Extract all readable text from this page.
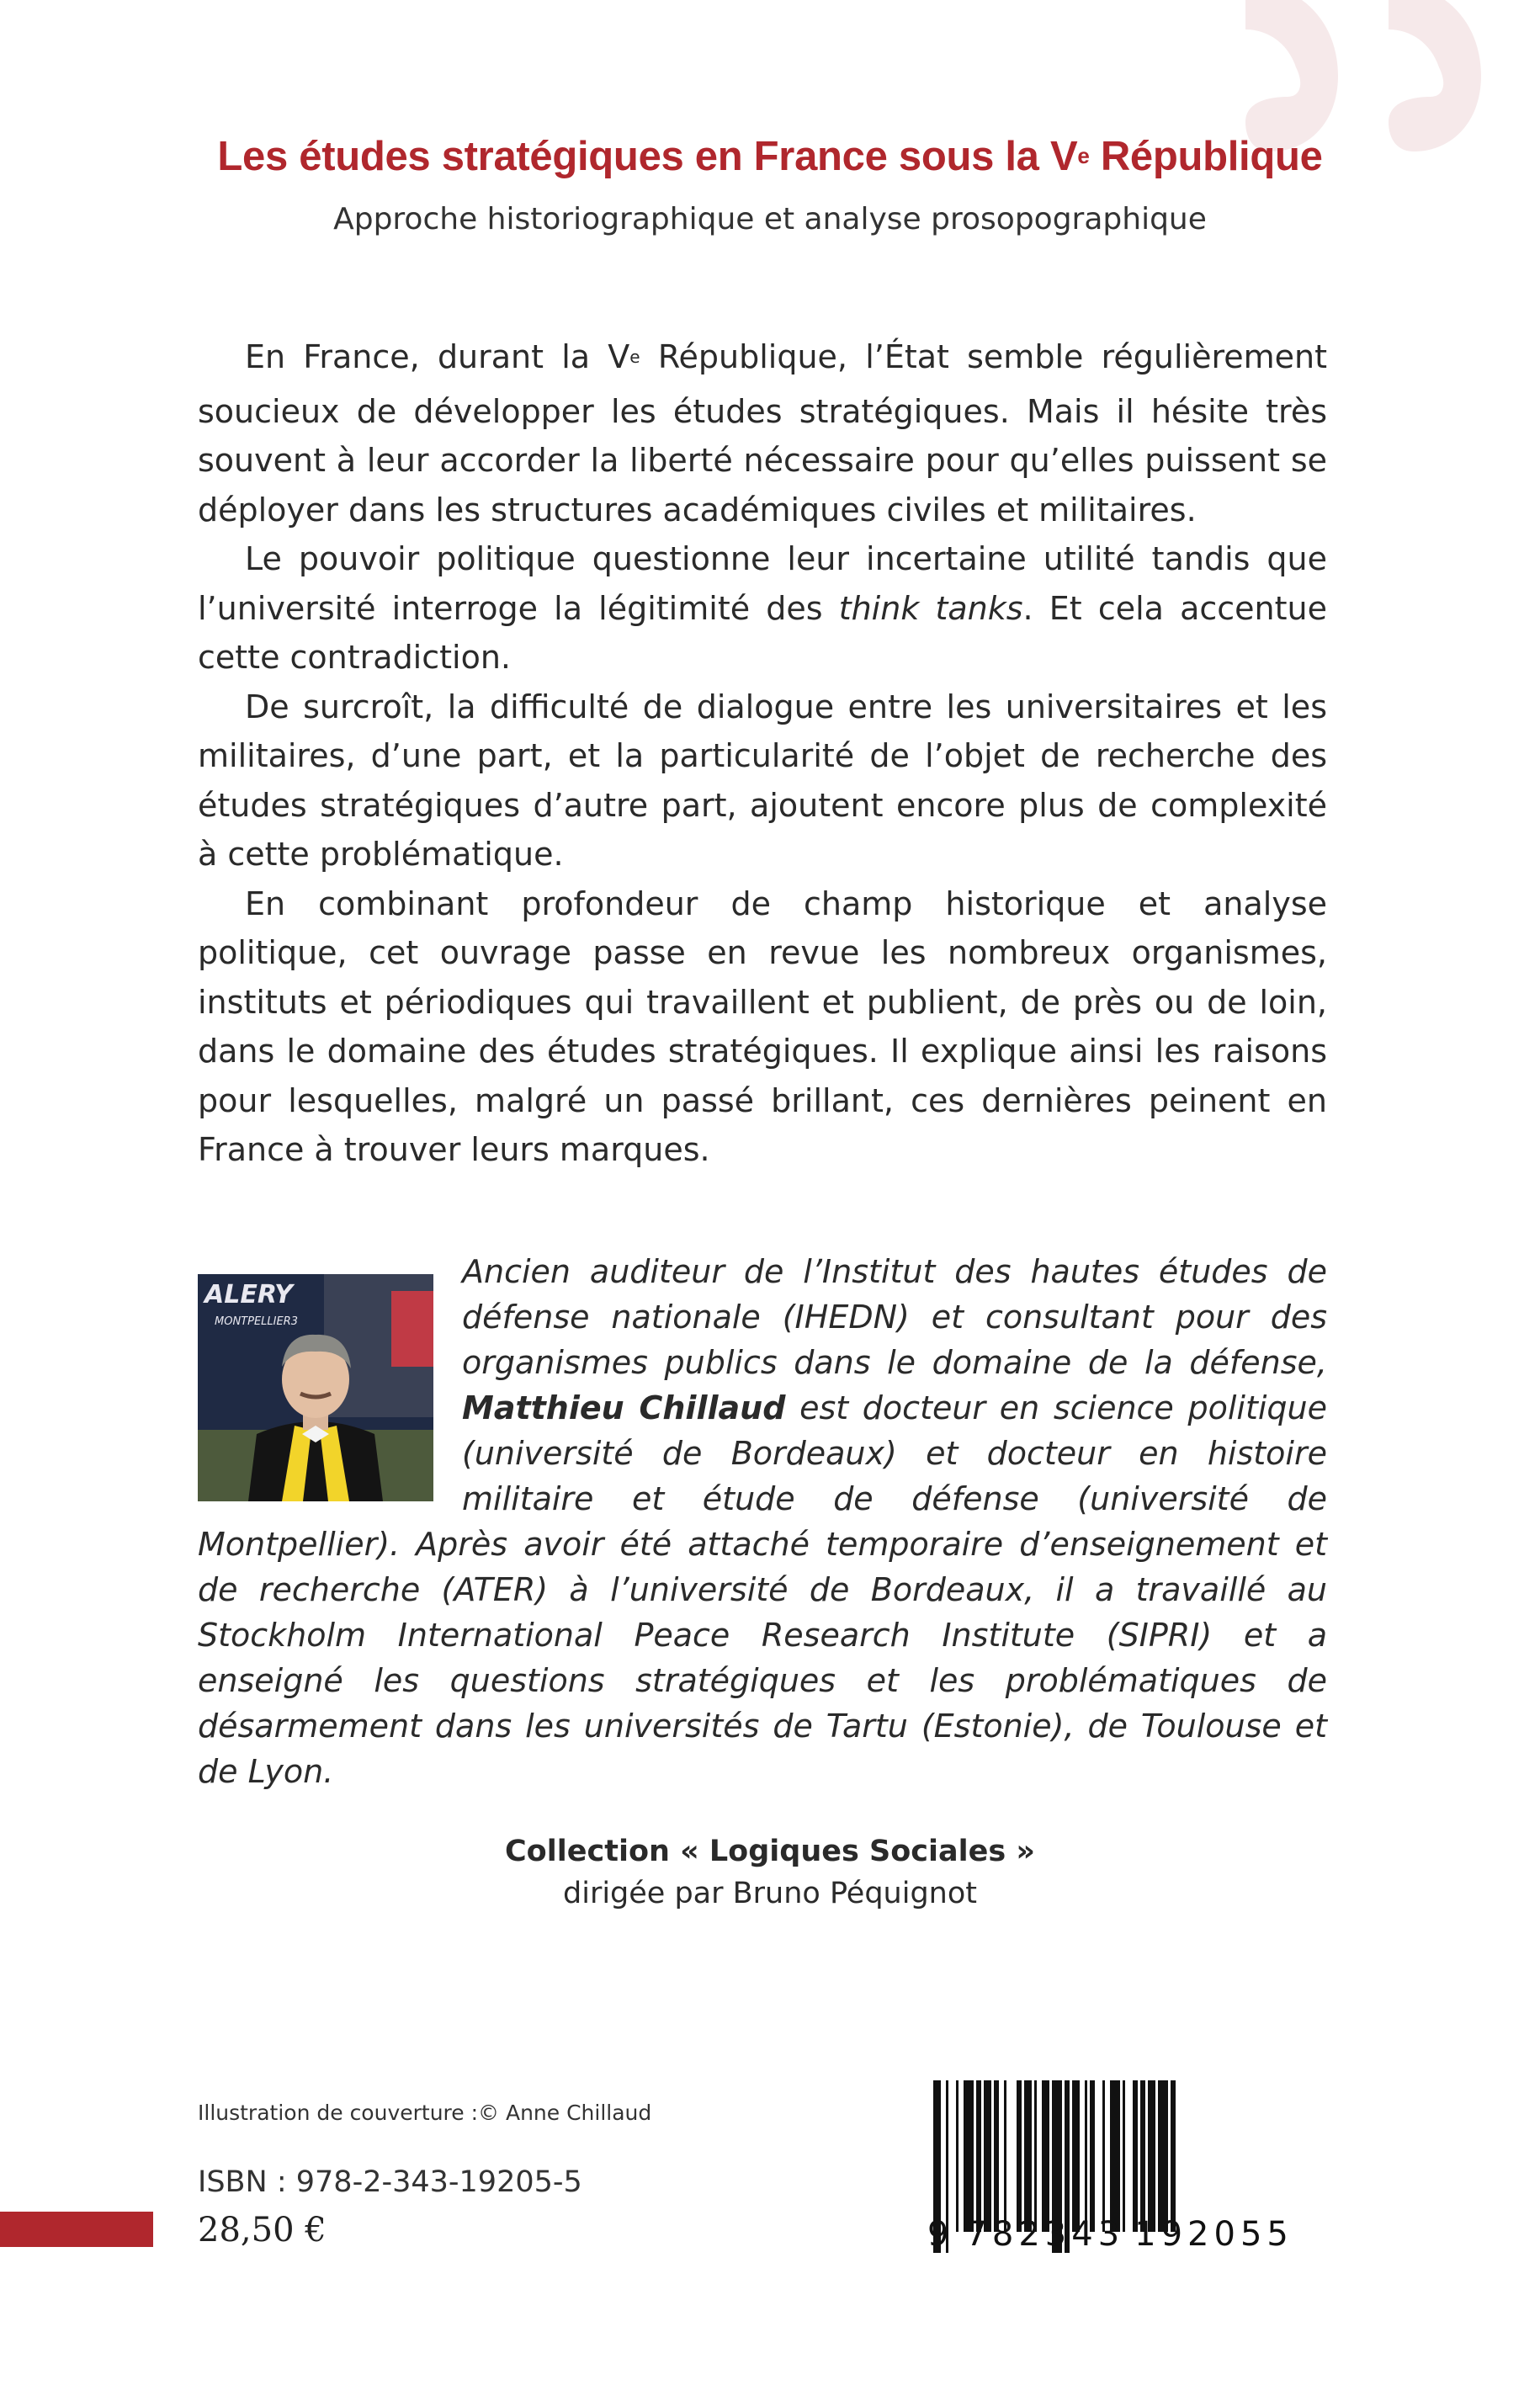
Les études stratégiques en France sous la Ve République
Approche historiographique et analyse prosopographique

En France, durant la Ve République, l’État semble régulièrement soucieux de développer les études stratégiques. Mais il hésite très souvent à leur accorder la liberté nécessaire pour qu’elles puissent se déployer dans les structures académiques civiles et militaires.

Le pouvoir politique questionne leur incertaine utilité tandis que l’université interroge la légitimité des think tanks. Et cela accentue cette contradiction.

De surcroît, la difficulté de dialogue entre les universitaires et les militaires, d’une part, et la particularité de l’objet de recherche des études stratégiques d’autre part, ajoutent encore plus de complexité à cette problématique.

En combinant profondeur de champ historique et analyse politique, cet ouvrage passe en revue les nombreux organismes, instituts et périodiques qui travaillent et publient, de près ou de loin, dans le domaine des études stratégiques. Il explique ainsi les raisons pour lesquelles, malgré un passé brillant, ces dernières peinent en France à trouver leurs marques.

ALERY
MONTPELLIER3
Ancien auditeur de l’Institut des hautes études de défense nationale (IHEDN) et consultant pour des organismes publics dans le domaine de la défense, Matthieu Chillaud est docteur en science politique (université de Bordeaux) et docteur en histoire militaire et étude de défense (université de Montpellier). Après avoir été attaché temporaire d’enseignement et de recherche (ATER) à l’université de Bordeaux, il a travaillé au Stockholm International Peace Research Institute (SIPRI) et a enseigné les questions stratégiques et les problématiques de désarmement dans les universités de Tartu (Estonie), de Toulouse et de Lyon.
Collection « Logiques Sociales »
dirigée par Bruno Péquignot
Illustration de couverture :© Anne Chillaud
ISBN : 978-2-343-19205-5
28,50 €	9 782343 192055
